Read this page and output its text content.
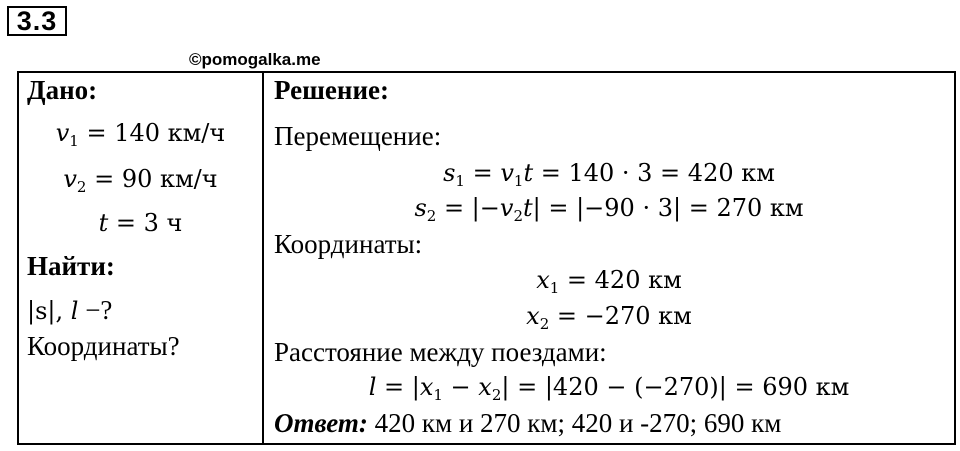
3.3
©pomogalka.me
Дано:
$v_1 = 140$ км/ч
$v_2 = 90$ км/ч
t = 3 ч
Найти:
|s|, l −?
Координаты?
Решение:
Перемещение:
$s_1 = v_1t = 140 \cdot 3 = 420$ км
$s_2 = |-v_2t| = |-90 \cdot 3| = 270$ км
Координаты:
$x_1 = 420$ км
$x_2 = -270$ км
Расстояние между поездами:
$l = |x_1 - x_2| = |420 - (-270)| = 690$ км
Ответ: 420 км и 270 км; 420 и -270; 690 км
